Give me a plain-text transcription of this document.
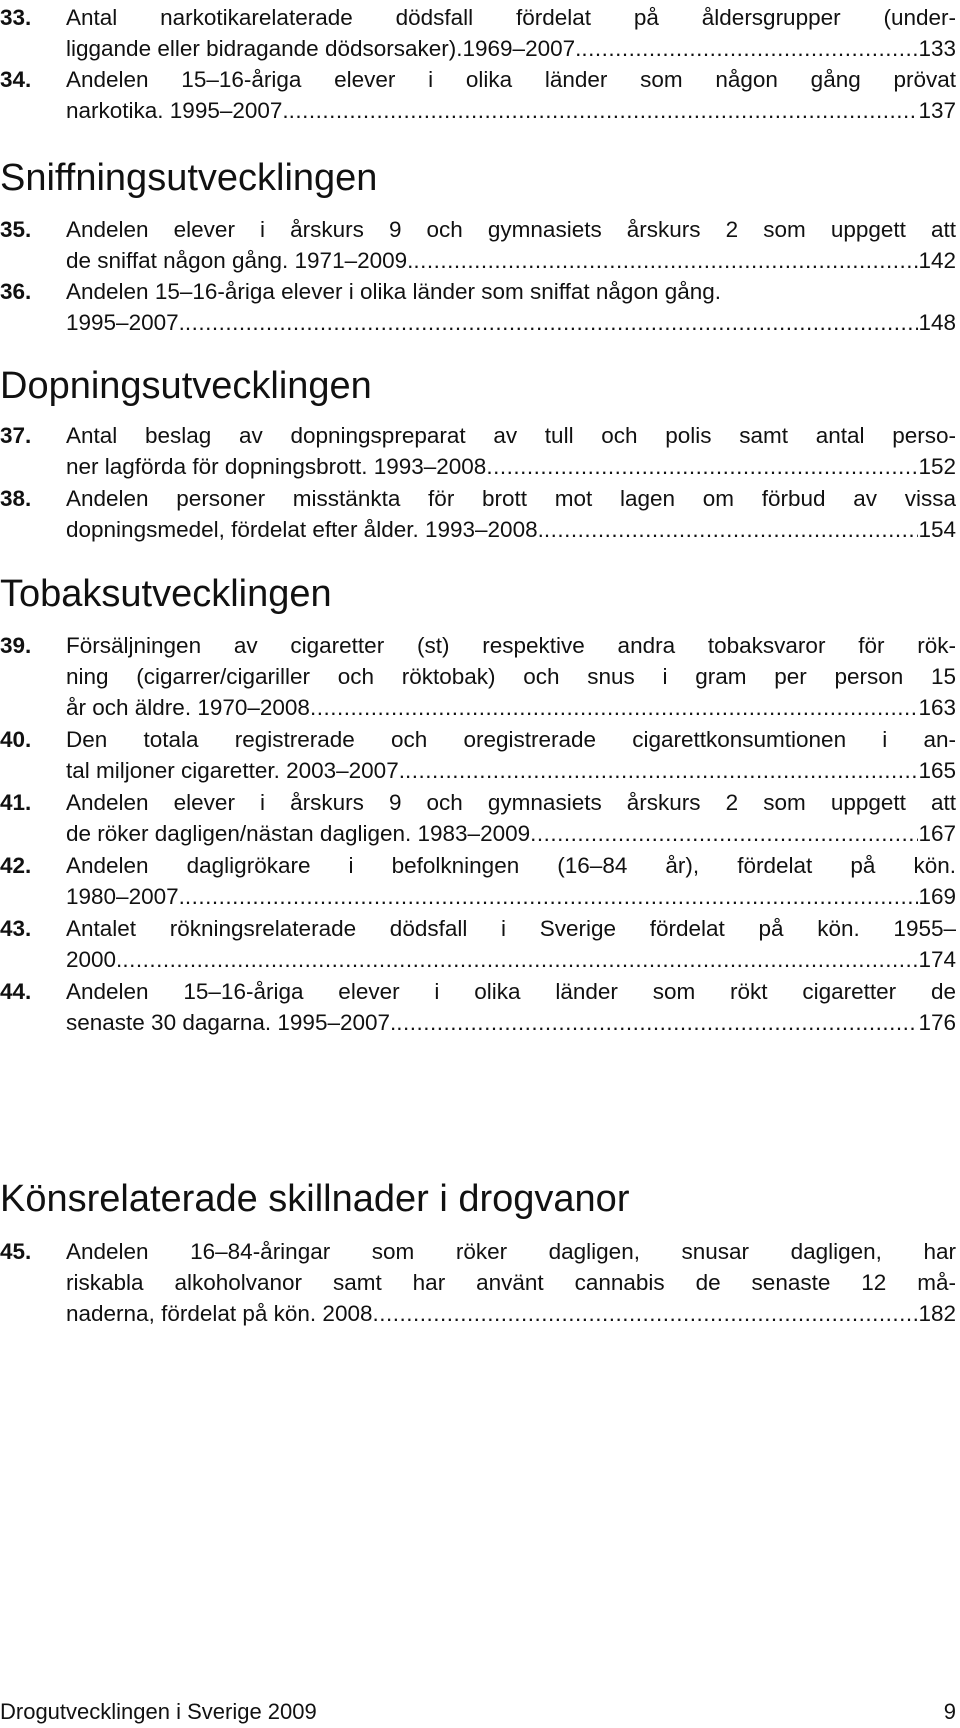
33. Antal narkotikarelaterade dödsfall fördelat på åldersgrupper (under-
liggande eller bidragande dödsorsaker).1969–2007. .....	133
34. Andelen 15–16-åriga elever i olika länder som någon gång prövat
narkotika. 1995–2007. .....	137
Sniffningsutvecklingen
35. Andelen elever i årskurs 9 och gymnasiets årskurs 2 som uppgett att
de sniffat någon gång. 1971–2009. .....	142
36. Andelen 15–16-åriga elever i olika länder som sniffat någon gång.
1995–2007. .....	148
Dopningsutvecklingen
37. Antal beslag av dopningspreparat av tull och polis samt antal perso-
ner lagförda för dopningsbrott. 1993–2008 .....	152
38. Andelen personer misstänkta för brott mot lagen om förbud av vissa
dopningsmedel, fördelat efter ålder. 1993–2008. .....	154
Tobaksutvecklingen
39. Försäljningen av cigaretter (st) respektive andra tobaksvaror för rök-
ning (cigarrer/cigariller och röktobak) och snus i gram per person 15
år och äldre. 1970–2008 .....	163
40. Den totala registrerade och oregistrerade cigarettkonsumtionen i an-
tal miljoner cigaretter. 2003–2007. .....	165
41. Andelen elever i årskurs 9 och gymnasiets årskurs 2 som uppgett att
de röker dagligen/nästan dagligen. 1983–2009 .....	167
42. Andelen dagligrökare i befolkningen (16–84 år), fördelat på kön.
1980–2007. .....	169
43. Antalet rökningsrelaterade dödsfall i Sverige fördelat på kön. 1955–
2000. .....	174
44. Andelen 15–16-åriga elever i olika länder som rökt cigaretter de
senaste 30 dagarna. 1995–2007. .....	176
Könsrelaterade skillnader i drogvanor
45. Andelen 16–84-åringar som röker dagligen, snusar dagligen, har
riskabla alkoholvanor samt har använt cannabis de senaste 12 må-
naderna, fördelat på kön. 2008 .....	182
Drogutvecklingen i Sverige 2009	9
